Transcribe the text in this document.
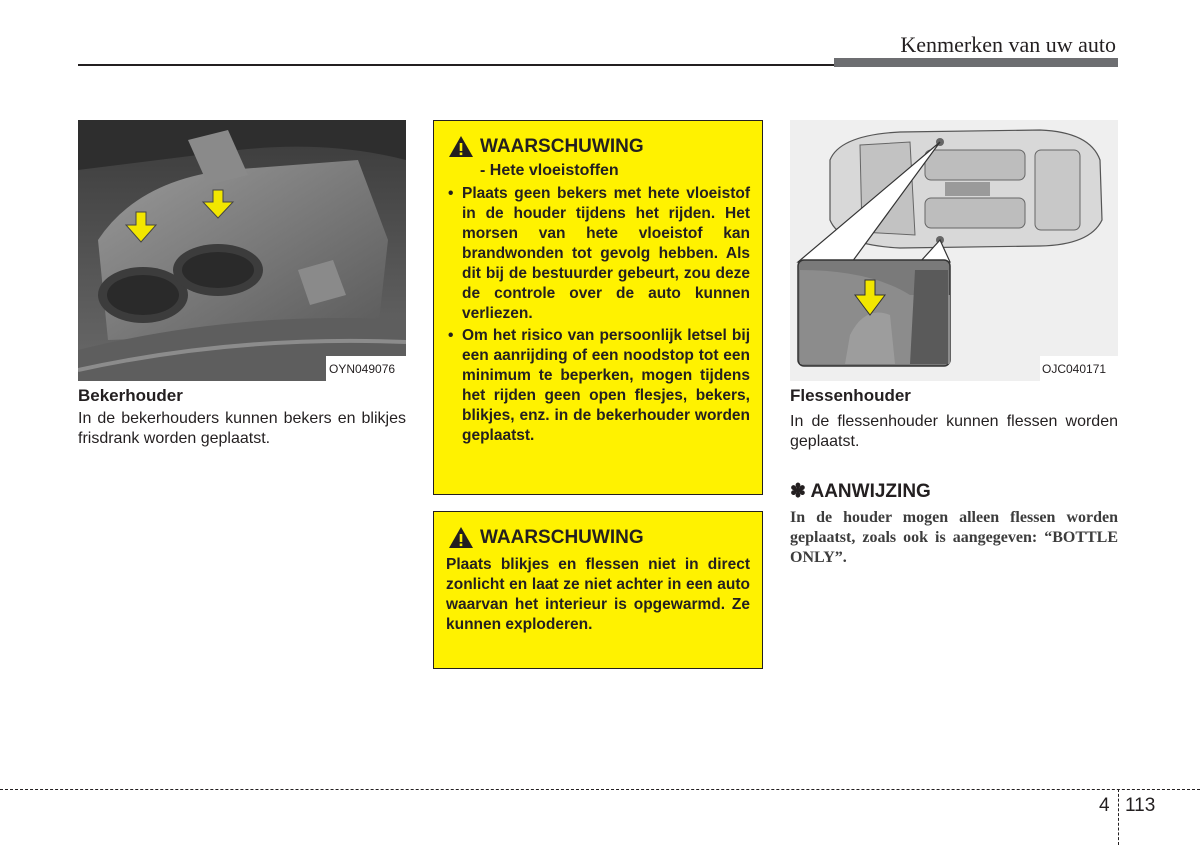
Kenmerken van uw auto
OYN049076
Bekerhouder
In de bekerhouders kunnen bekers en blikjes frisdrank worden geplaatst.
WAARSCHUWING
- Hete vloeistoffen
• Plaats geen bekers met hete vloeistof in de houder tijdens het rijden. Het morsen van hete vloeistof kan brandwonden tot gevolg hebben. Als dit bij de bestuurder gebeurt, zou deze de controle over de auto kunnen verliezen.
• Om het risico van persoonlijk letsel bij een aanrijding of een noodstop tot een minimum te beperken, mogen tijdens het rijden geen open flesjes, bekers, blikjes, enz. in de bekerhouder worden geplaatst.
WAARSCHUWING
Plaats blikjes en flessen niet in direct zonlicht en laat ze niet achter in een auto waarvan het interieur is opgewarmd. Ze kunnen exploderen.
OJC040171
Flessenhouder
In de flessenhouder kunnen flessen worden geplaatst.
✽ AANWIJZING
In de houder mogen alleen flessen worden geplaatst, zoals ook is aangegeven: “BOTTLE ONLY”.
4 113
